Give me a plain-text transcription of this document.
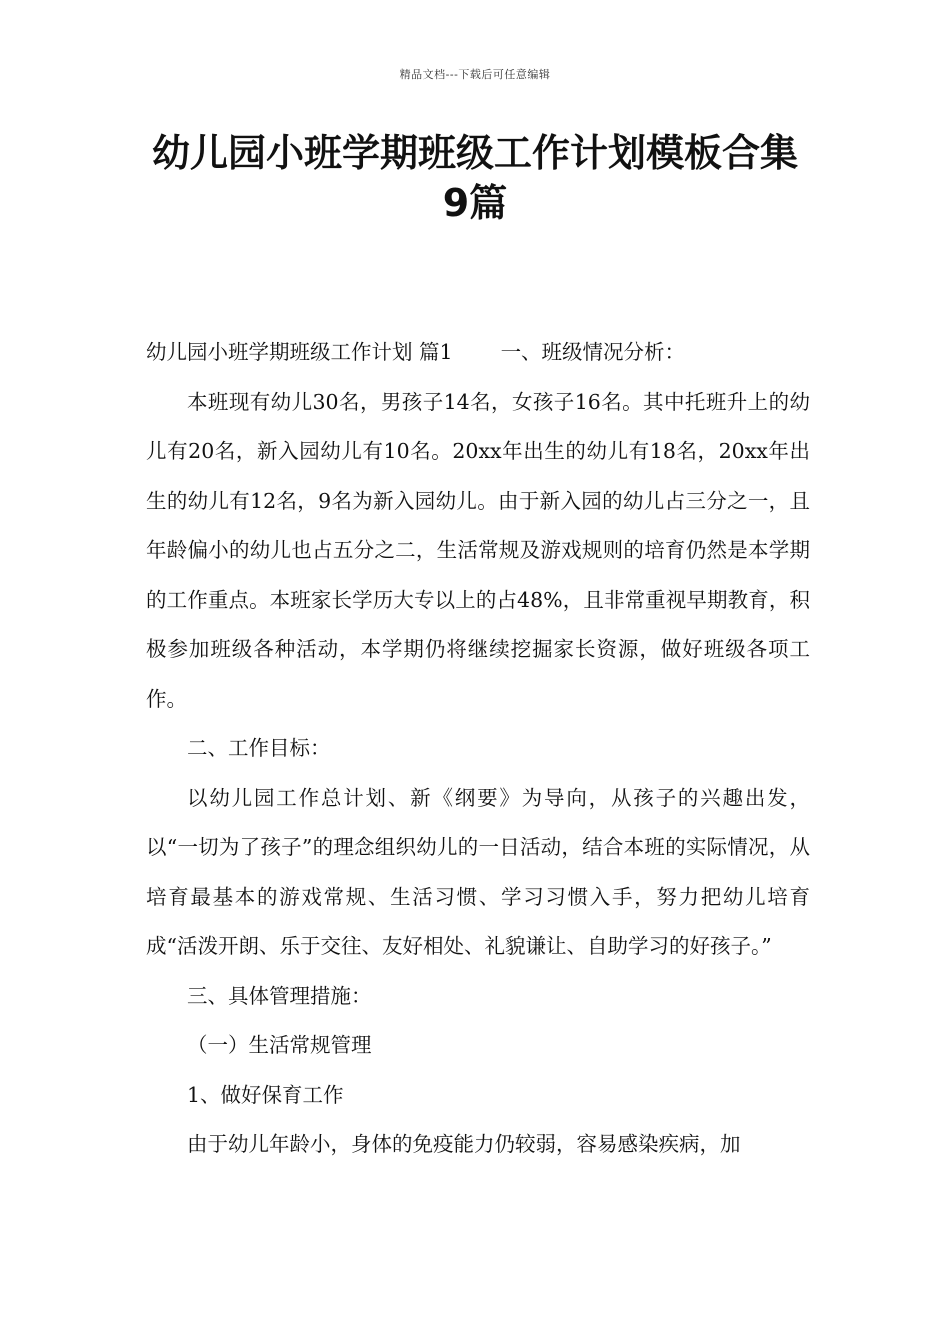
精品文档---下载后可任意编辑
幼儿园小班学期班级工作计划模板合集
9篇

幼儿园小班学期班级工作计划 篇1 一、班级情况分析：

本班现有幼儿30名，男孩子14名，女孩子16名。其中托班升上的幼儿有20名，新入园幼儿有10名。20xx年出生的幼儿有18名，20xx年出生的幼儿有12名，9名为新入园幼儿。由于新入园的幼儿占三分之一，且年龄偏小的幼儿也占五分之二，生活常规及游戏规则的培育仍然是本学期的工作重点。本班家长学历大专以上的占48%，且非常重视早期教育，积极参加班级各种活动，本学期仍将继续挖掘家长资源，做好班级各项工作。

二、工作目标：

以幼儿园工作总计划、新《纲要》为导向，从孩子的兴趣出发，以“一切为了孩子”的理念组织幼儿的一日活动，结合本班的实际情况，从培育最基本的游戏常规、生活习惯、学习习惯入手，努力把幼儿培育成“活泼开朗、乐于交往、友好相处、礼貌谦让、自助学习的好孩子。”

三、具体管理措施：

（一）生活常规管理

1、做好保育工作

由于幼儿年龄小，身体的免疫能力仍较弱，容易感染疾病，加
